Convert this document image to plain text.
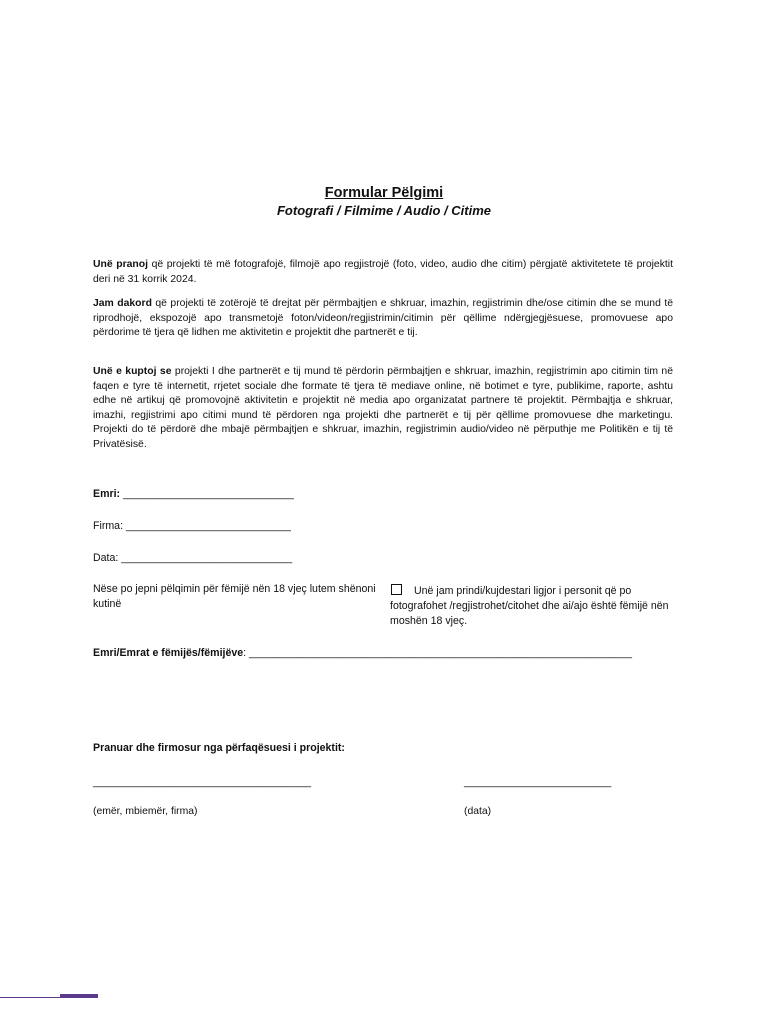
Formular Pëlgimi

Fotografi / Filmime / Audio / Citime

Unë pranoj që projekti të më fotografojë, filmojë apo regjistrojë (foto, video, audio dhe citim) përgjatë aktivitetete të projektit deri në 31 korrik 2024.

Jam dakord që projekti të zotërojë të drejtat për përmbajtjen e shkruar, imazhin, regjistrimin dhe/ose citimin dhe se mund të riprodhojë, ekspozojë apo transmetojë foton/videon/regjistrimin/citimin për qëllime ndërgjegjësuese, promovuese apo përdorime të tjera që lidhen me aktivitetin e projektit dhe partnerët e tij.

Unë e kuptoj se projekti I dhe partnerët e tij mund të përdorin përmbajtjen e shkruar, imazhin, regjistrimin apo citimin tim në faqen e tyre të internetit, rrjetet sociale dhe formate të tjera të mediave online, në botimet e tyre, publikime, raporte, ashtu edhe në artikuj që promovojnë aktivitetin e projektit në media apo organizatat partnere të projektit. Përmbajtja e shkruar, imazhi, regjistrimi apo citimi mund të përdoren nga projekti dhe partnerët e tij për qëllime promovuese dhe marketingu. Projekti do të përdorë dhe mbajë përmbajtjen e shkruar, imazhin, regjistrimin audio/video në përputhje me Politikën e tij të Privatësisë.

Emri: _____________________________
Firma: ____________________________
Data: _____________________________
Nëse po jepni pëlqimin për fëmijë nën 18 vjeç lutem shënoni kutinë
Unë jam prindi/kujdestari ligjor i personit që po fotografohet /regjistrohet/citohet dhe ai/ajo është fëmijë nën moshën 18 vjeç.
Emri/Emrat e fëmijës/fëmijëve: _________________________________________________________________
Pranuar dhe firmosur nga përfaqësuesi i projektit:
_____________________________________	_________________________
(emër, mbiemër, firma)	(data)
